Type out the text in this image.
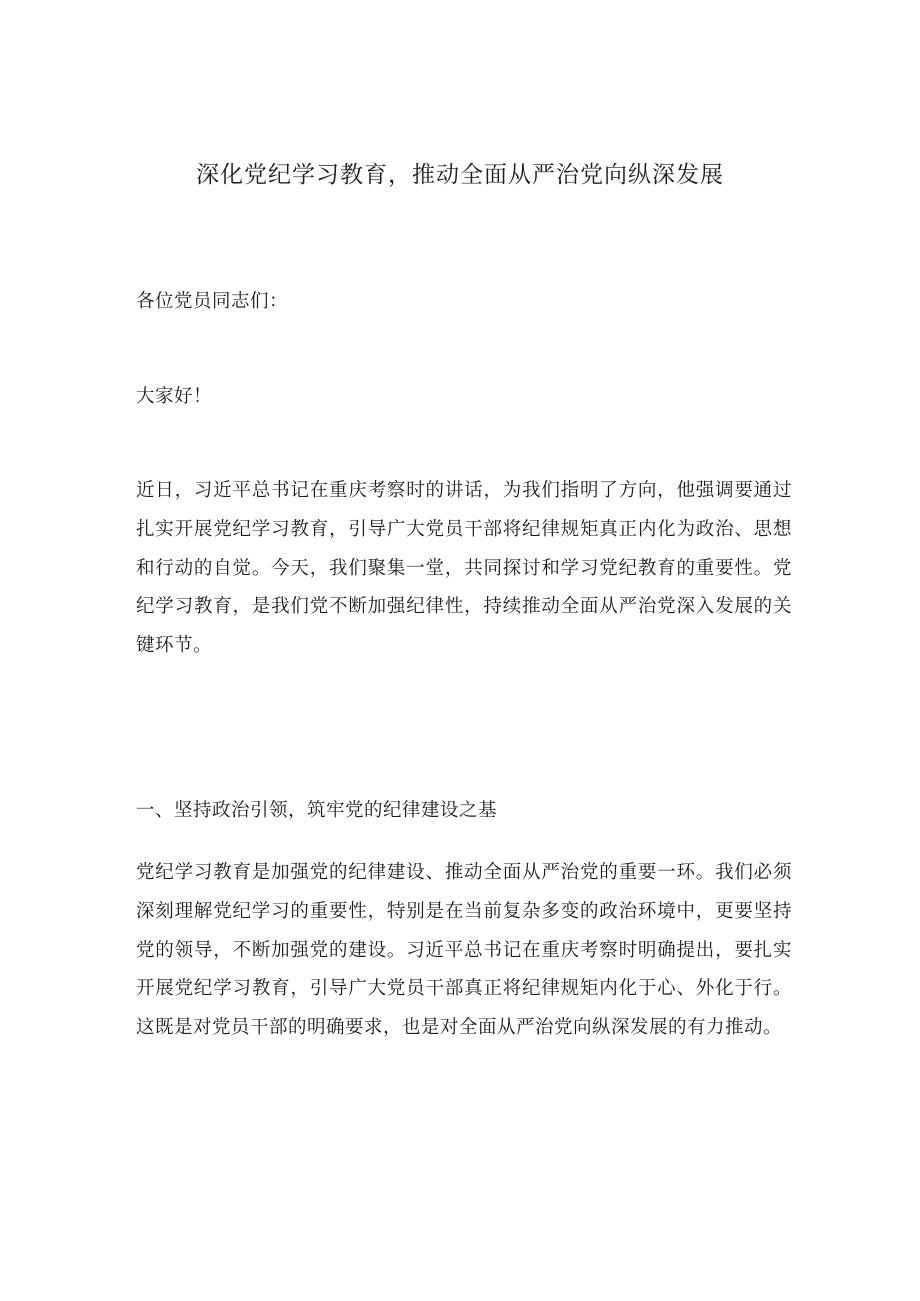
深化党纪学习教育，推动全面从严治党向纵深发展

各位党员同志们：

大家好！

近日，习近平总书记在重庆考察时的讲话，为我们指明了方向，他强调要通过扎实开展党纪学习教育，引导广大党员干部将纪律规矩真正内化为政治、思想和行动的自觉。今天，我们聚集一堂，共同探讨和学习党纪教育的重要性。党纪学习教育，是我们党不断加强纪律性，持续推动全面从严治党深入发展的关键环节。

一、坚持政治引领，筑牢党的纪律建设之基

党纪学习教育是加强党的纪律建设、推动全面从严治党的重要一环。我们必须深刻理解党纪学习的重要性，特别是在当前复杂多变的政治环境中，更要坚持党的领导，不断加强党的建设。习近平总书记在重庆考察时明确提出，要扎实开展党纪学习教育，引导广大党员干部真正将纪律规矩内化于心、外化于行。这既是对党员干部的明确要求，也是对全面从严治党向纵深发展的有力推动。
